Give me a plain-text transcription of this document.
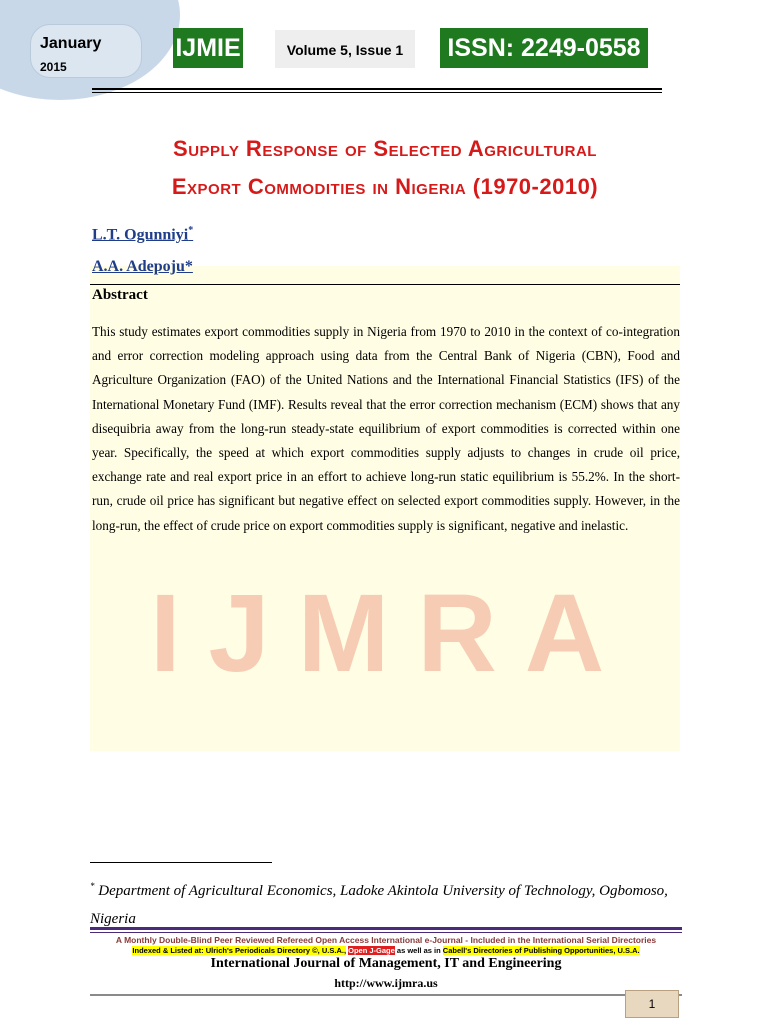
January
2015
IJMIE	Volume 5, Issue 1	ISSN: 2249-0558
Supply Response of Selected Agricultural
Export Commodities in Nigeria (1970-2010)
IJMRA
L.T. Ogunniyi*
A.A. Adepoju*
Abstract
This study estimates export commodities supply in Nigeria from 1970 to 2010 in the context of co-integration and error correction modeling approach using data from the Central Bank of Nigeria (CBN), Food and Agriculture Organization (FAO) of the United Nations and the International Financial Statistics (IFS) of the International Monetary Fund (IMF). Results reveal that the error correction mechanism (ECM) shows that any disequibria away from the long-run steady-state equilibrium of export commodities is corrected within one year. Specifically, the speed at which export commodities supply adjusts to changes in crude oil price, exchange rate and real export price in an effort to achieve long-run static equilibrium is 55.2%. In the short-run, crude oil price has significant but negative effect on selected export commodities supply. However, in the long-run, the effect of crude price on export commodities supply is significant, negative and inelastic.
* Department of Agricultural Economics, Ladoke Akintola University of Technology, Ogbomoso, Nigeria
A Monthly Double-Blind Peer Reviewed Refereed Open Access International e-Journal - Included in the International Serial Directories
Indexed & Listed at: Ulrich's Periodicals Directory ©, U.S.A., Open J-Gage as well as in Cabell's Directories of Publishing Opportunities, U.S.A.
International Journal of Management, IT and Engineering
http://www.ijmra.us
1
